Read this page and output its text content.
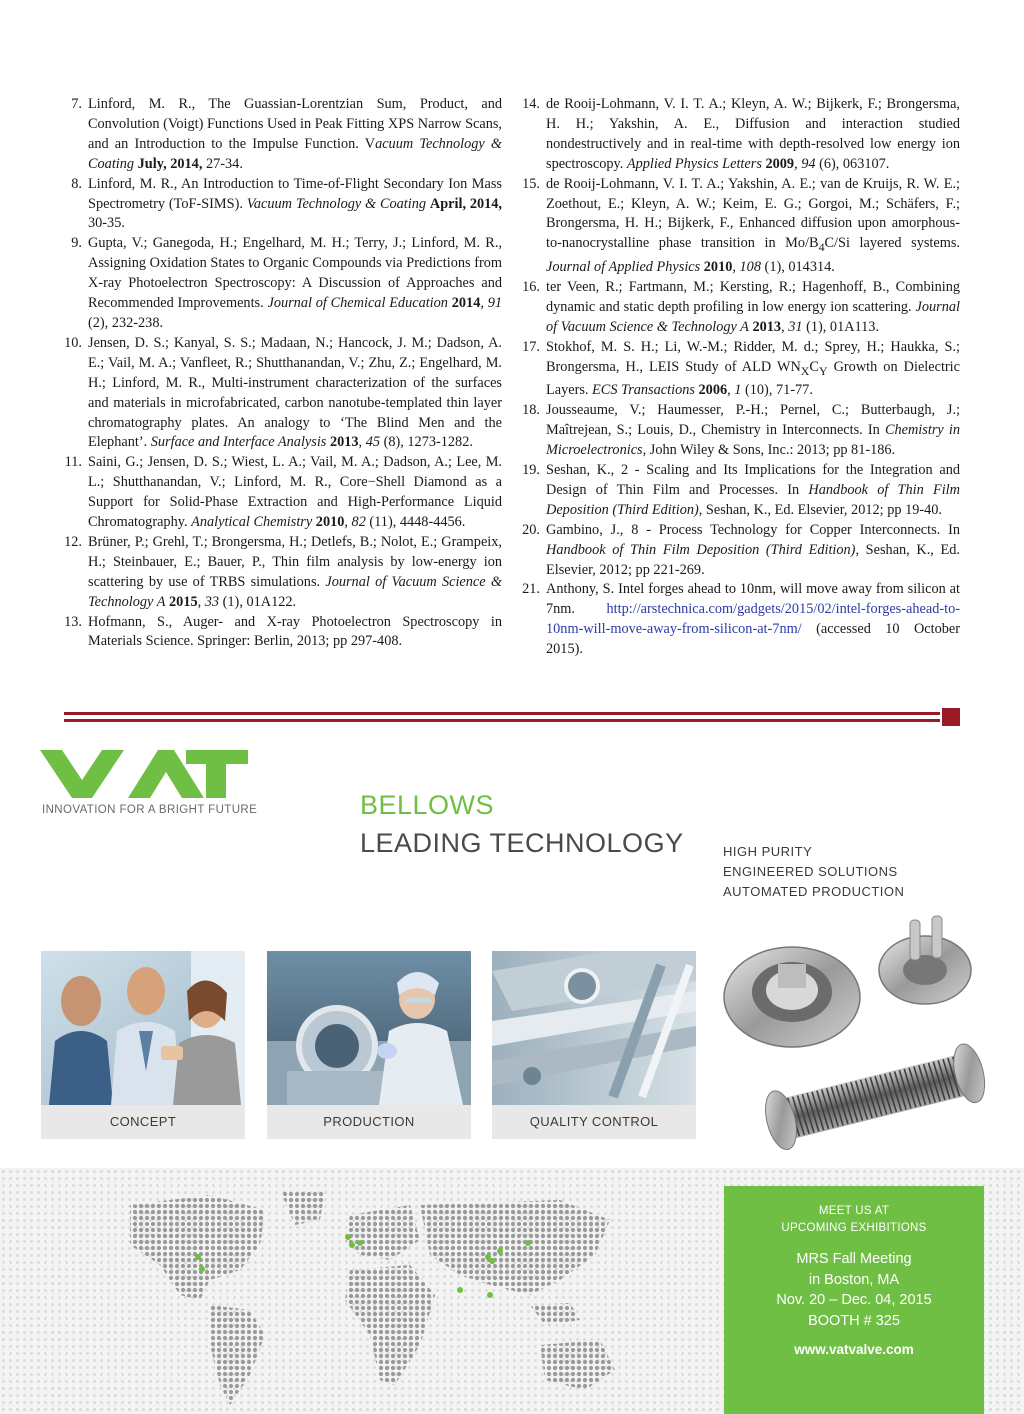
7. Linford, M. R., The Guassian-Lorentzian Sum, Product, and Convolution (Voigt) Functions Used in Peak Fitting XPS Narrow Scans, and an Introduction to the Impulse Function. Vacuum Technology & Coating July, 2014, 27-34.
8. Linford, M. R., An Introduction to Time-of-Flight Secondary Ion Mass Spectrometry (ToF-SIMS). Vacuum Technology & Coating April, 2014, 30-35.
9. Gupta, V.; Ganegoda, H.; Engelhard, M. H.; Terry, J.; Linford, M. R., Assigning Oxidation States to Organic Compounds via Predictions from X-ray Photoelectron Spectroscopy: A Discussion of Approaches and Recommended Improvements. Journal of Chemical Education 2014, 91 (2), 232-238.
10. Jensen, D. S.; Kanyal, S. S.; Madaan, N.; Hancock, J. M.; Dadson, A. E.; Vail, M. A.; Vanfleet, R.; Shutthanandan, V.; Zhu, Z.; Engelhard, M. H.; Linford, M. R., Multi-instrument characterization of the surfaces and materials in microfabricated, carbon nanotube-templated thin layer chromatography plates. An analogy to ‘The Blind Men and the Elephant’. Surface and Interface Analysis 2013, 45 (8), 1273-1282.
11. Saini, G.; Jensen, D. S.; Wiest, L. A.; Vail, M. A.; Dadson, A.; Lee, M. L.; Shutthanandan, V.; Linford, M. R., Core−Shell Diamond as a Support for Solid-Phase Extraction and High-Performance Liquid Chromatography. Analytical Chemistry 2010, 82 (11), 4448-4456.
12. Brüner, P.; Grehl, T.; Brongersma, H.; Detlefs, B.; Nolot, E.; Grampeix, H.; Steinbauer, E.; Bauer, P., Thin film analysis by low-energy ion scattering by use of TRBS simulations. Journal of Vacuum Science & Technology A 2015, 33 (1), 01A122.
13. Hofmann, S., Auger- and X-ray Photoelectron Spectroscopy in Materials Science. Springer: Berlin, 2013; pp 297-408.
14. de Rooij-Lohmann, V. I. T. A.; Kleyn, A. W.; Bijkerk, F.; Brongersma, H. H.; Yakshin, A. E., Diffusion and interaction studied nondestructively and in real-time with depth-resolved low energy ion spectroscopy. Applied Physics Letters 2009, 94 (6), 063107.
15. de Rooij-Lohmann, V. I. T. A.; Yakshin, A. E.; van de Kruijs, R. W. E.; Zoethout, E.; Kleyn, A. W.; Keim, E. G.; Gorgoi, M.; Schäfers, F.; Brongersma, H. H.; Bijkerk, F., Enhanced diffusion upon amorphous-to-nanocrystalline phase transition in $Mo/B_4C/Si$ layered systems. Journal of Applied Physics 2010, 108 (1), 014314.
16. ter Veen, R.; Fartmann, M.; Kersting, R.; Hagenhoff, B., Combining dynamic and static depth profiling in low energy ion scattering. Journal of Vacuum Science & Technology A 2013, 31 (1), 01A113.
17. Stokhof, M. S. H.; Li, W.-M.; Ridder, M. d.; Sprey, H.; Haukka, S.; Brongersma, H., LEIS Study of ALD $WN_XC_Y$ Growth on Dielectric Layers. ECS Transactions 2006, 1 (10), 71-77.
18. Jousseaume, V.; Haumesser, P.-H.; Pernel, C.; Butterbaugh, J.; Maîtrejean, S.; Louis, D., Chemistry in Interconnects. In Chemistry in Microelectronics, John Wiley & Sons, Inc.: 2013; pp 81-186.
19. Seshan, K., 2 - Scaling and Its Implications for the Integration and Design of Thin Film and Processes. In Handbook of Thin Film Deposition (Third Edition), Seshan, K., Ed. Elsevier, 2012; pp 19-40.
20. Gambino, J., 8 - Process Technology for Copper Interconnects. In Handbook of Thin Film Deposition (Third Edition), Seshan, K., Ed. Elsevier, 2012; pp 221-269.
21. Anthony, S. Intel forges ahead to 10nm, will move away from silicon at 7nm. http://arstechnica.com/gadgets/2015/02/intel-forges-ahead-to-10nm-will-move-away-from-silicon-at-7nm/ (accessed 10 October 2015).
INNOVATION FOR A BRIGHT FUTURE	BELLOWS
LEADING TECHNOLOGY	HIGH PURITY
ENGINEERED SOLUTIONS
AUTOMATED PRODUCTION
CONCEPT	PRODUCTION	QUALITY CONTROL
MEET US AT
UPCOMING EXHIBITIONS
MRS Fall Meeting
in Boston, MA
Nov. 20 – Dec. 04, 2015
BOOTH # 325
www.vatvalve.com
